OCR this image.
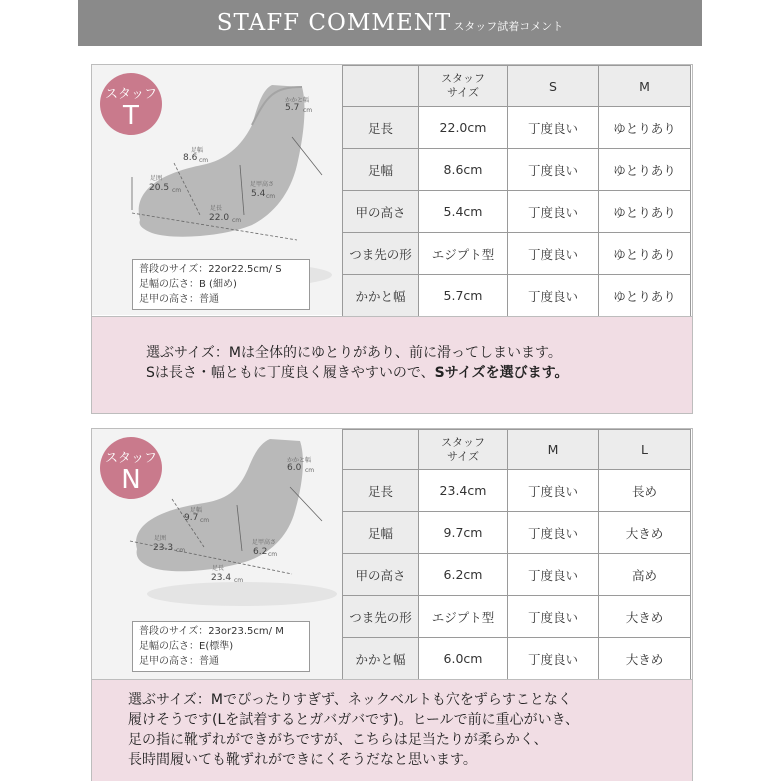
STAFF COMMENT スタッフ試着コメント
スタッフ
T
かかと幅
5.7 cm
足幅
8.6 cm
足囲
20.5 cm
足甲高さ
5.4 cm
足長
22.0 cm
普段のサイズ：22or22.5cm/ S
足幅の広さ：B (細め)
足甲の高さ：普通

	スタッフ
サイズ	S	M
足長	22.0cm	丁度良い	ゆとりあり
足幅	8.6cm	丁度良い	ゆとりあり
甲の高さ	5.4cm	丁度良い	ゆとりあり
つま先の形	エジプト型	丁度良い	ゆとりあり
かかと幅	5.7cm	丁度良い	ゆとりあり
選ぶサイズ：Mは全体的にゆとりがあり、前に滑ってしまいます。
Sは長さ・幅ともに丁度良く履きやすいので、Sサイズを選びます。
スタッフ
N
かかと幅
6.0 cm
足幅
9.7 cm
足囲
23.3 cm
足甲高さ
6.2 cm
足長
23.4 cm
普段のサイズ：23or23.5cm/ M
足幅の広さ：E(標準)
足甲の高さ：普通

	スタッフ
サイズ	M	L
足長	23.4cm	丁度良い	長め
足幅	9.7cm	丁度良い	大きめ
甲の高さ	6.2cm	丁度良い	高め
つま先の形	エジプト型	丁度良い	大きめ
かかと幅	6.0cm	丁度良い	大きめ
選ぶサイズ：Mでぴったりすぎず、ネックベルトも穴をずらすことなく
履けそうです(Lを試着するとガバガバです)。ヒールで前に重心がいき、
足の指に靴ずれができがちですが、こちらは足当たりが柔らかく、
長時間履いても靴ずれができにくそうだなと思います。
